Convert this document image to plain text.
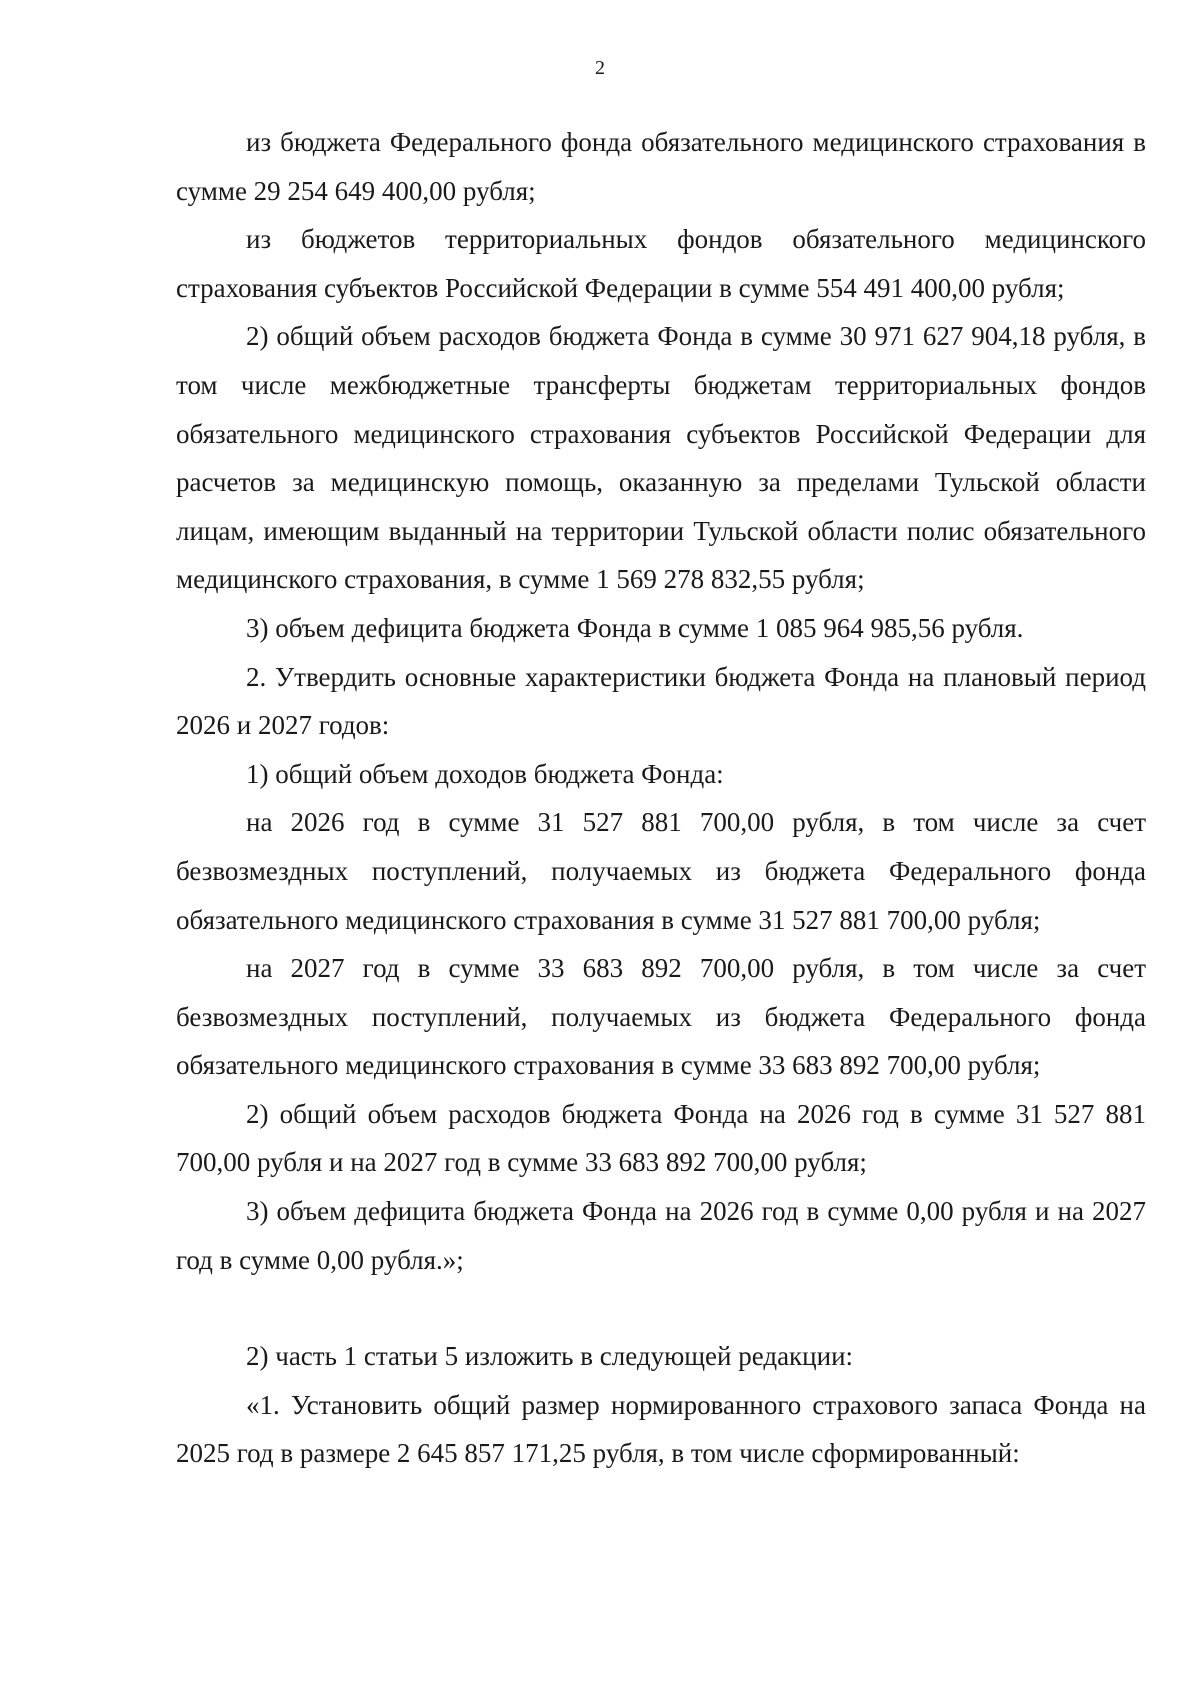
2

из бюджета Федерального фонда обязательного медицинского страхования в сумме 29 254 649 400,00 рубля;

из бюджетов территориальных фондов обязательного медицинского страхования субъектов Российской Федерации в сумме 554 491 400,00 рубля;

2) общий объем расходов бюджета Фонда в сумме 30 971 627 904,18 рубля, в том числе межбюджетные трансферты бюджетам территориальных фондов обязательного медицинского страхования субъектов Российской Федерации для расчетов за медицинскую помощь, оказанную за пределами Тульской области лицам, имеющим выданный на территории Тульской области полис обязательного медицинского страхования, в сумме 1 569 278 832,55 рубля;

3) объем дефицита бюджета Фонда в сумме 1 085 964 985,56 рубля.

2. Утвердить основные характеристики бюджета Фонда на плановый период 2026 и 2027 годов:

1) общий объем доходов бюджета Фонда:

на 2026 год в сумме 31 527 881 700,00 рубля, в том числе за счет безвозмездных поступлений, получаемых из бюджета Федерального фонда обязательного медицинского страхования в сумме 31 527 881 700,00 рубля;

на 2027 год в сумме 33 683 892 700,00 рубля, в том числе за счет безвозмездных поступлений, получаемых из бюджета Федерального фонда обязательного медицинского страхования в сумме 33 683 892 700,00 рубля;

2) общий объем расходов бюджета Фонда на 2026 год в сумме 31 527 881 700,00 рубля и на 2027 год в сумме 33 683 892 700,00 рубля;

3) объем дефицита бюджета Фонда на 2026 год в сумме 0,00 рубля и на 2027 год в сумме 0,00 рубля.»;

2) часть 1 статьи 5 изложить в следующей редакции:

«1. Установить общий размер нормированного страхового запаса Фонда на 2025 год в размере 2 645 857 171,25 рубля, в том числе сформированный:
